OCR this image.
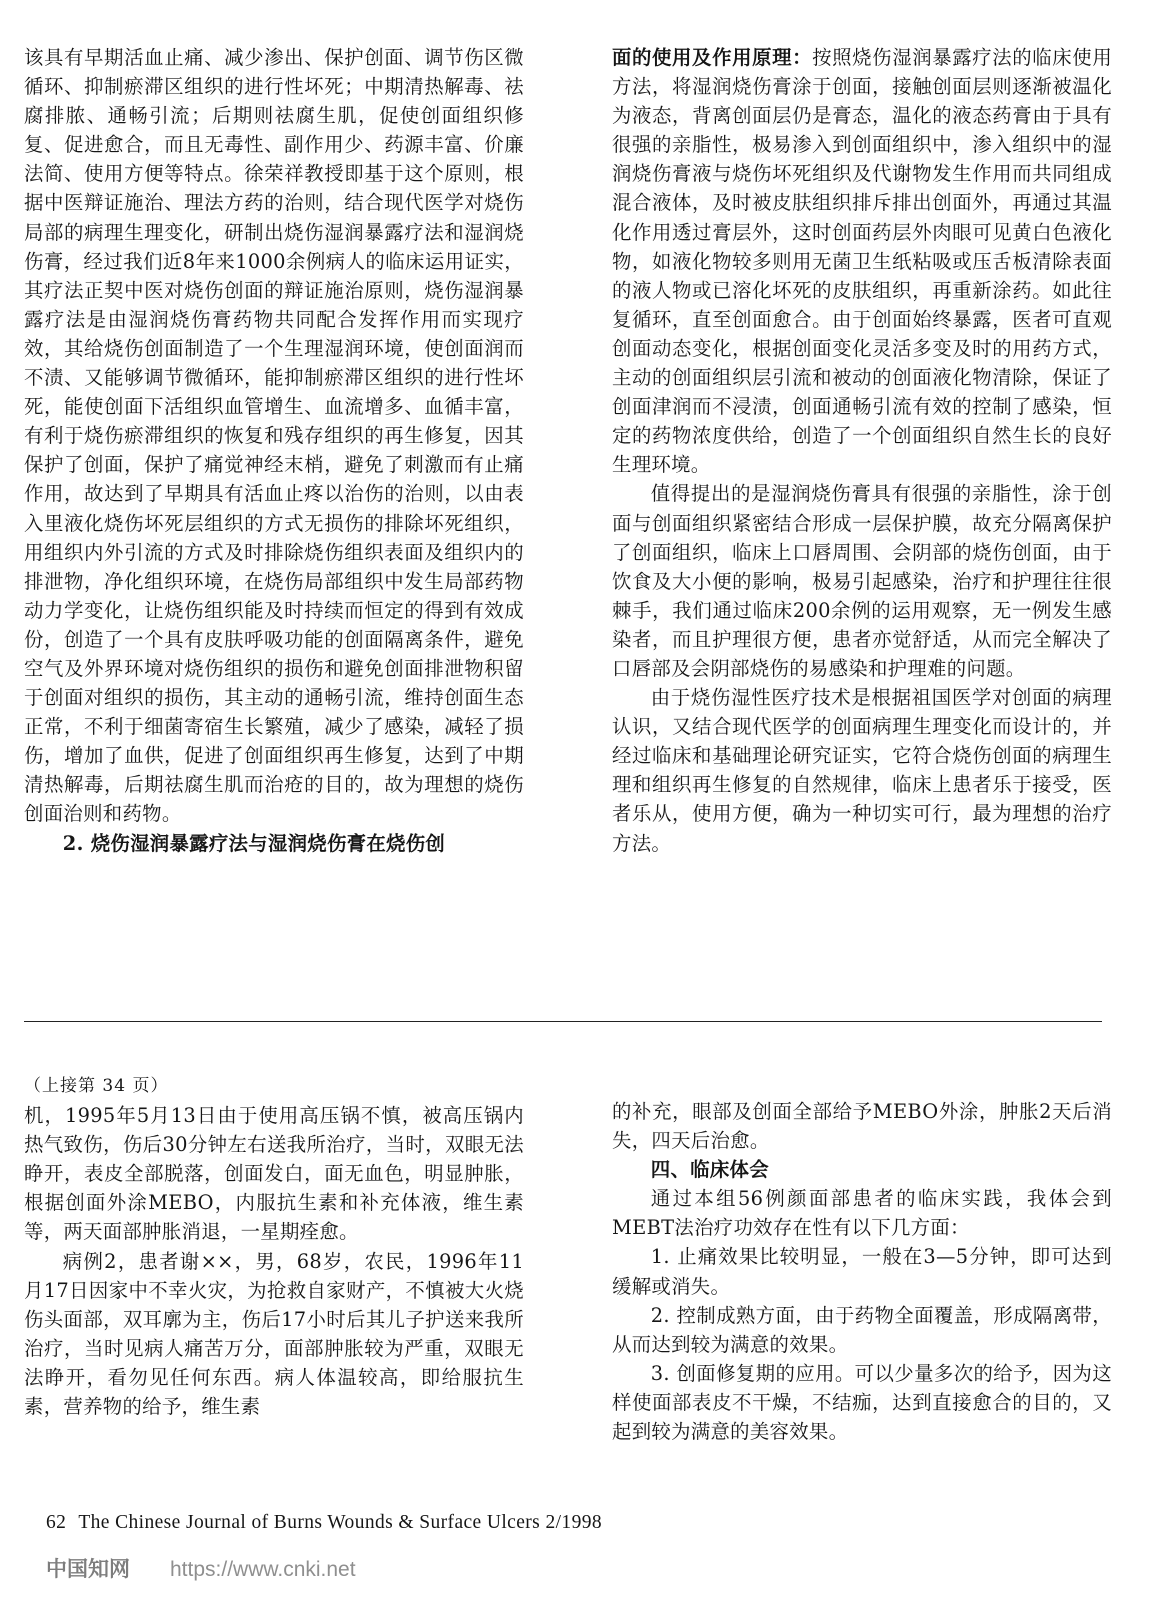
该具有早期活血止痛、减少渗出、保护创面、调节伤区微循环、抑制瘀滞区组织的进行性坏死；中期清热解毒、祛腐排脓、通畅引流；后期则祛腐生肌，促使创面组织修复、促进愈合，而且无毒性、副作用少、药源丰富、价廉法简、使用方便等特点。徐荣祥教授即基于这个原则，根据中医辩证施治、理法方药的治则，结合现代医学对烧伤局部的病理生理变化，研制出烧伤湿润暴露疗法和湿润烧伤膏，经过我们近8年来1000余例病人的临床运用证实，其疗法正契中医对烧伤创面的辩证施治原则，烧伤湿润暴露疗法是由湿润烧伤膏药物共同配合发挥作用而实现疗效，其给烧伤创面制造了一个生理湿润环境，使创面润而不渍、又能够调节微循环，能抑制瘀滞区组织的进行性坏死，能使创面下活组织血管增生、血流增多、血循丰富，有利于烧伤瘀滞组织的恢复和残存组织的再生修复，因其保护了创面，保护了痛觉神经末梢，避免了刺激而有止痛作用，故达到了早期具有活血止疼以治伤的治则，以由表入里液化烧伤坏死层组织的方式无损伤的排除坏死组织，用组织内外引流的方式及时排除烧伤组织表面及组织内的排泄物，净化组织环境，在烧伤局部组织中发生局部药物动力学变化，让烧伤组织能及时持续而恒定的得到有效成份，创造了一个具有皮肤呼吸功能的创面隔离条件，避免空气及外界环境对烧伤组织的损伤和避免创面排泄物积留于创面对组织的损伤，其主动的通畅引流，维持创面生态正常，不利于细菌寄宿生长繁殖，减少了感染，减轻了损伤，增加了血供，促进了创面组织再生修复，达到了中期清热解毒，后期祛腐生肌而治疮的目的，故为理想的烧伤创面治则和药物。

2. 烧伤湿润暴露疗法与湿润烧伤膏在烧伤创

面的使用及作用原理：按照烧伤湿润暴露疗法的临床使用方法，将湿润烧伤膏涂于创面，接触创面层则逐渐被温化为液态，背离创面层仍是膏态，温化的液态药膏由于具有很强的亲脂性，极易渗入到创面组织中，渗入组织中的湿润烧伤膏液与烧伤坏死组织及代谢物发生作用而共同组成混合液体，及时被皮肤组织排斥排出创面外，再通过其温化作用透过膏层外，这时创面药层外肉眼可见黄白色液化物，如液化物较多则用无菌卫生纸粘吸或压舌板清除表面的液人物或已溶化坏死的皮肤组织，再重新涂药。如此往复循环，直至创面愈合。由于创面始终暴露，医者可直观创面动态变化，根据创面变化灵活多变及时的用药方式，主动的创面组织层引流和被动的创面液化物清除，保证了创面津润而不浸渍，创面通畅引流有效的控制了感染，恒定的药物浓度供给，创造了一个创面组织自然生长的良好生理环境。

值得提出的是湿润烧伤膏具有很强的亲脂性，涂于创面与创面组织紧密结合形成一层保护膜，故充分隔离保护了创面组织，临床上口唇周围、会阴部的烧伤创面，由于饮食及大小便的影响，极易引起感染，治疗和护理往往很棘手，我们通过临床200余例的运用观察，无一例发生感染者，而且护理很方便，患者亦觉舒适，从而完全解决了口唇部及会阴部烧伤的易感染和护理难的问题。

由于烧伤湿性医疗技术是根据祖国医学对创面的病理认识，又结合现代医学的创面病理生理变化而设计的，并经过临床和基础理论研究证实，它符合烧伤创面的病理生理和组织再生修复的自然规律，临床上患者乐于接受，医者乐从，使用方便，确为一种切实可行，最为理想的治疗方法。

（上接第 34 页）

机，1995年5月13日由于使用高压锅不慎，被高压锅内热气致伤，伤后30分钟左右送我所治疗，当时，双眼无法睁开，表皮全部脱落，创面发白，面无血色，明显肿胀，根据创面外涂MEBO，内服抗生素和补充体液，维生素等，两天面部肿胀消退，一星期痊愈。

病例2，患者谢××，男，68岁，农民，1996年11月17日因家中不幸火灾，为抢救自家财产，不慎被大火烧伤头面部，双耳廓为主，伤后17小时后其儿子护送来我所治疗，当时见病人痛苦万分，面部肿胀较为严重，双眼无法睁开，看勿见任何东西。病人体温较高，即给服抗生素，营养物的给予，维生素

的补充，眼部及创面全部给予MEBO外涂，肿胀2天后消失，四天后治愈。

四、临床体会

通过本组56例颜面部患者的临床实践，我体会到MEBT法治疗功效存在性有以下几方面：

1. 止痛效果比较明显，一般在3—5分钟，即可达到缓解或消失。

2. 控制成熟方面，由于药物全面覆盖，形成隔离带，从而达到较为满意的效果。

3. 创面修复期的应用。可以少量多次的给予，因为这样使面部表皮不干燥，不结痂，达到直接愈合的目的，又起到较为满意的美容效果。

62 The Chinese Journal of Burns Wounds & Surface Ulcers 2/1998
中国知网 https://www.cnki.net
